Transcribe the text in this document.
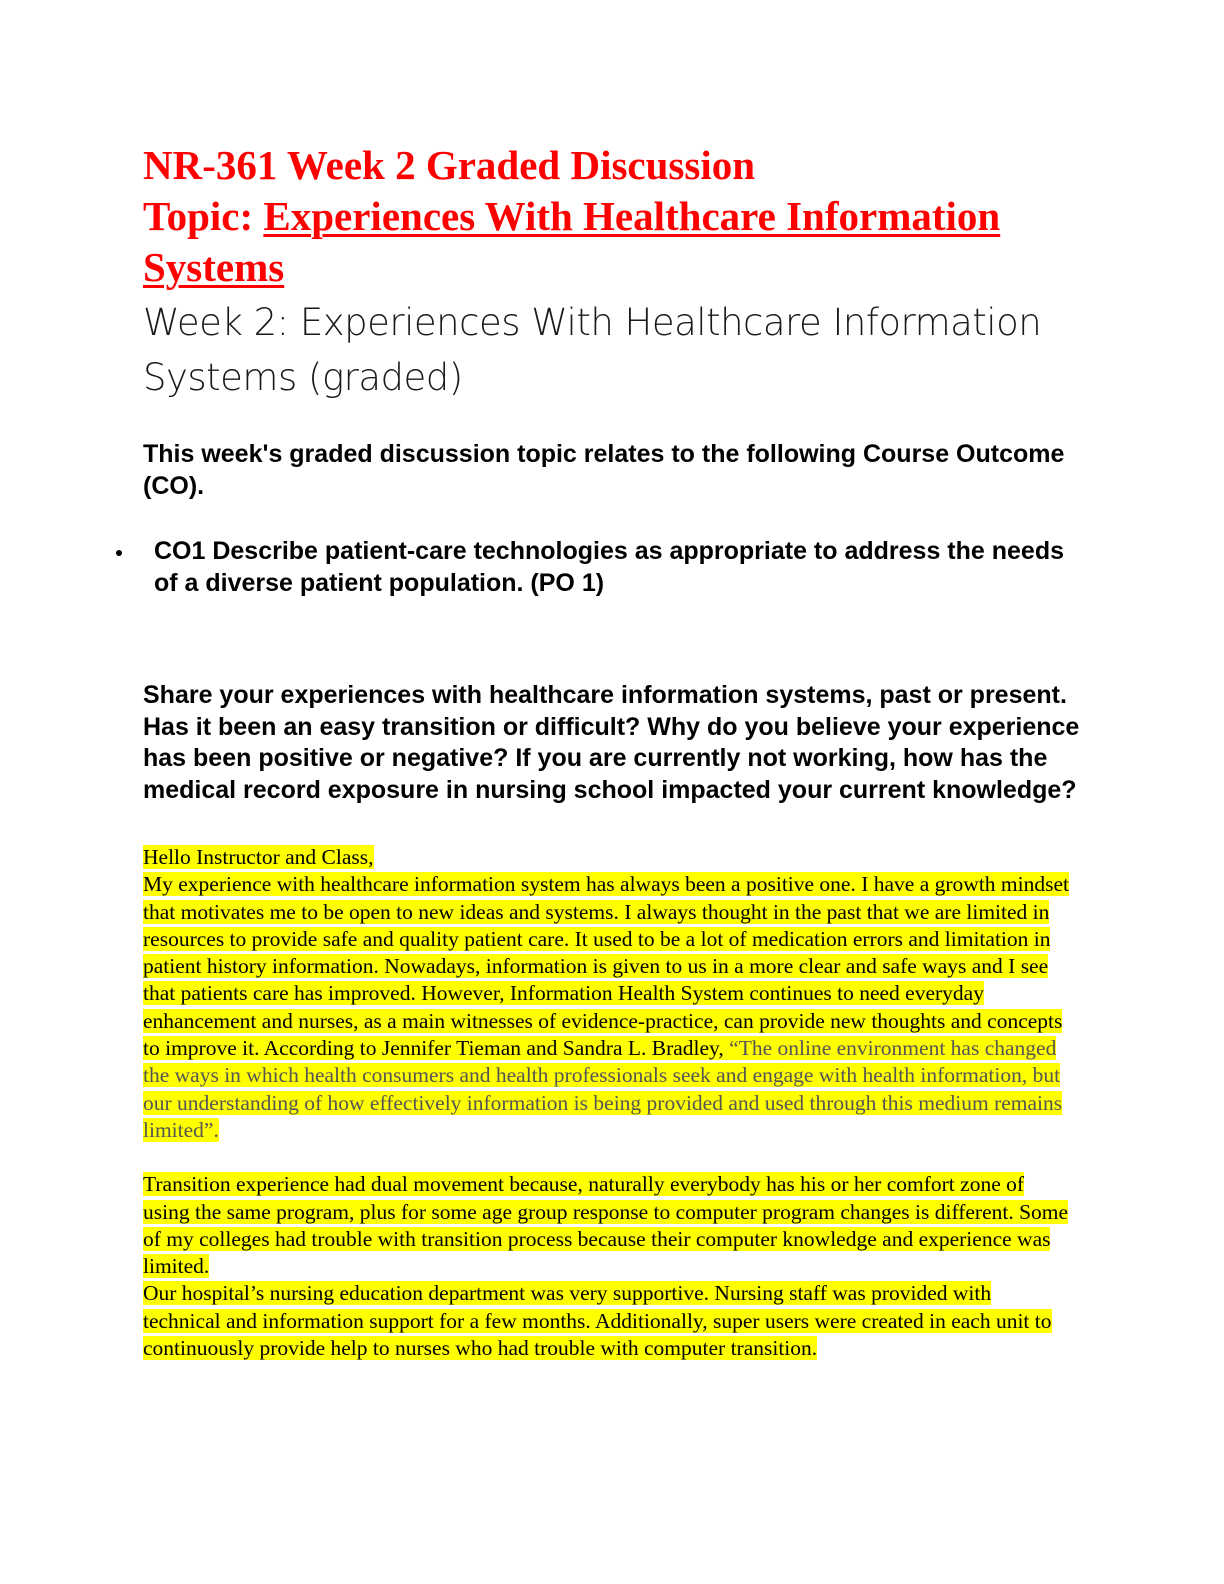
NR-361 Week 2 Graded Discussion
Topic: Experiences With Healthcare Information Systems
Week 2: Experiences With Healthcare Information Systems (graded)

This week's graded discussion topic relates to the following Course Outcome (CO).

CO1 Describe patient-care technologies as appropriate to address the needs of a diverse patient population. (PO 1)

Share your experiences with healthcare information systems, past or present. Has it been an easy transition or difficult? Why do you believe your experience has been positive or negative? If you are currently not working, how has the medical record exposure in nursing school impacted your current knowledge?

Hello Instructor and Class,
My experience with healthcare information system has always been a positive one. I have a growth mindset that motivates me to be open to new ideas and systems. I always thought in the past that we are limited in resources to provide safe and quality patient care. It used to be a lot of medication errors and limitation in patient history information. Nowadays, information is given to us in a more clear and safe ways and I see that patients care has improved. However, Information Health System continues to need everyday enhancement and nurses, as a main witnesses of evidence-practice, can provide new thoughts and concepts to improve it. According to Jennifer Tieman and Sandra L. Bradley, “The online environment has changed the ways in which health consumers and health professionals seek and engage with health information, but our understanding of how effectively information is being provided and used through this medium remains limited”.

Transition experience had dual movement because, naturally everybody has his or her comfort zone of using the same program, plus for some age group response to computer program changes is different. Some of my colleges had trouble with transition process because their computer knowledge and experience was limited.
Our hospital’s nursing education department was very supportive. Nursing staff was provided with technical and information support for a few months. Additionally, super users were created in each unit to continuously provide help to nurses who had trouble with computer transition.
